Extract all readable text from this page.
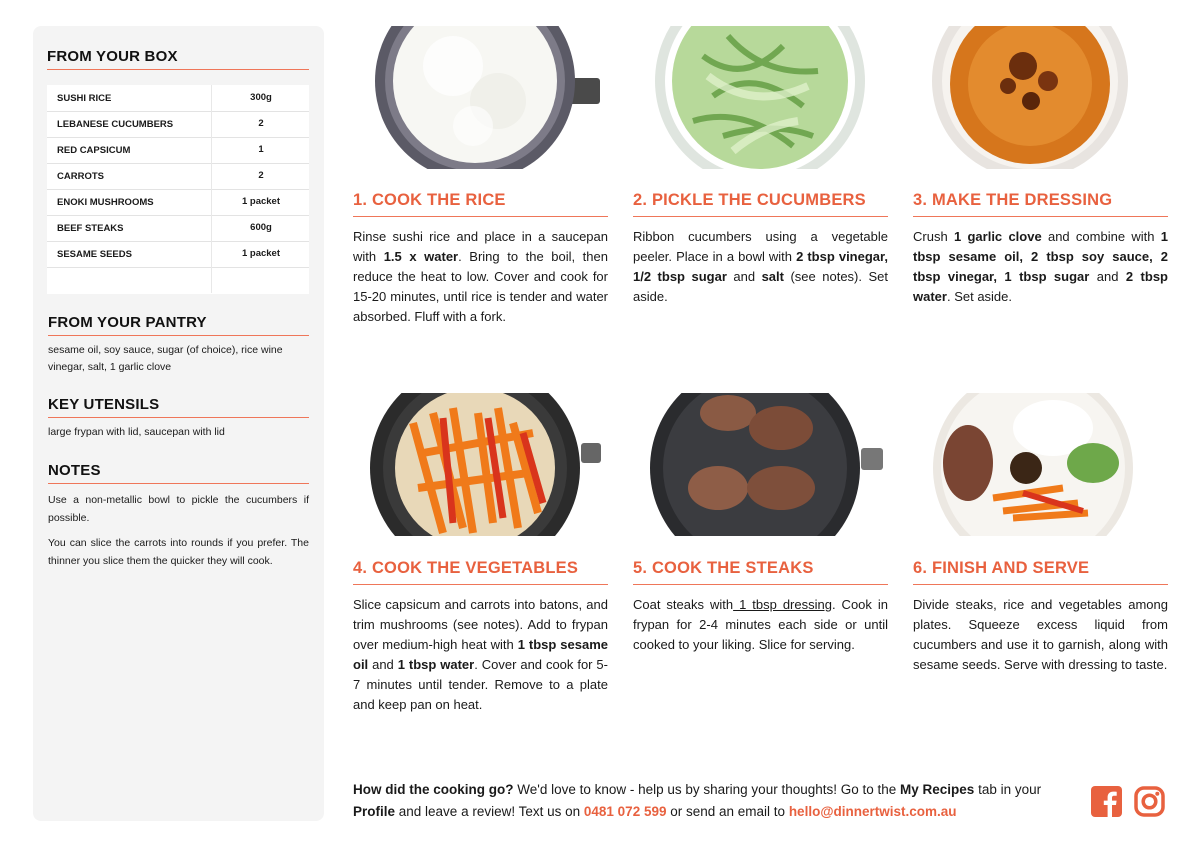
FROM YOUR BOX
SUSHI RICE	300g
LEBANESE CUCUMBERS	2
RED CAPSICUM	1
CARROTS	2
ENOKI MUSHROOMS	1 packet
BEEF STEAKS	600g
SESAME SEEDS	1 packet
FROM YOUR PANTRY
sesame oil, soy sauce, sugar (of choice), rice wine vinegar, salt, 1 garlic clove
KEY UTENSILS
large frypan with lid, saucepan with lid
NOTES

Use a non-metallic bowl to pickle the cucumbers if possible.

You can slice the carrots into rounds if you prefer. The thinner you slice them the quicker they will cook.

1. COOK THE RICE
Rinse sushi rice and place in a saucepan with 1.5 x water. Bring to the boil, then reduce the heat to low. Cover and cook for 15-20 minutes, until rice is tender and water absorbed. Fluff with a fork.
2. PICKLE THE CUCUMBERS
Ribbon cucumbers using a vegetable peeler. Place in a bowl with 2 tbsp vinegar, 1/2 tbsp sugar and salt (see notes). Set aside.
3. MAKE THE DRESSING
Crush 1 garlic clove and combine with 1 tbsp sesame oil, 2 tbsp soy sauce, 2 tbsp vinegar, 1 tbsp sugar and 2 tbsp water. Set aside.
4. COOK THE VEGETABLES
Slice capsicum and carrots into batons, and trim mushrooms (see notes). Add to frypan over medium-high heat with 1 tbsp sesame oil and 1 tbsp water. Cover and cook for 5-7 minutes until tender. Remove to a plate and keep pan on heat.
5. COOK THE STEAKS
Coat steaks with 1 tbsp dressing. Cook in frypan for 2-4 minutes each side or until cooked to your liking. Slice for serving.
6. FINISH AND SERVE
Divide steaks, rice and vegetables among plates. Squeeze excess liquid from cucumbers and use it to garnish, along with sesame seeds. Serve with dressing to taste.
How did the cooking go? We'd love to know - help us by sharing your thoughts! Go to the My Recipes tab in your Profile and leave a review! Text us on 0481 072 599 or send an email to hello@dinnertwist.com.au
